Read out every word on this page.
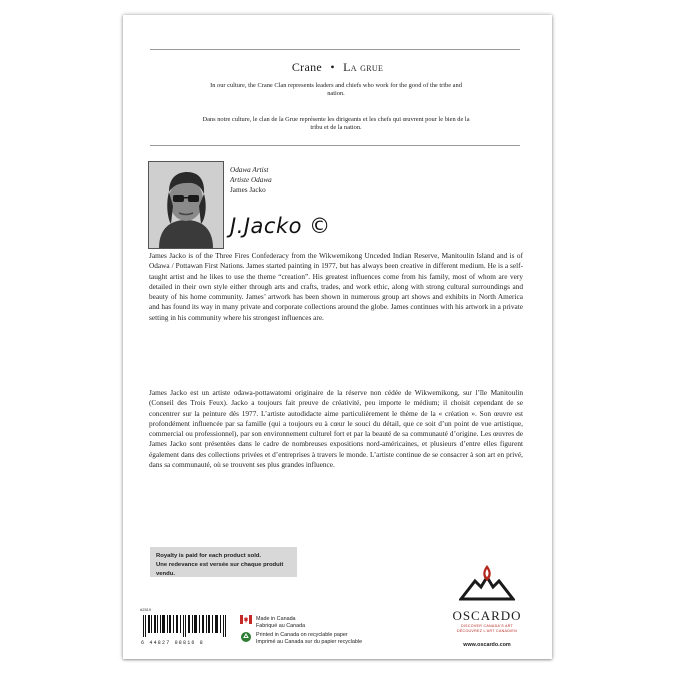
Crane • La grue
In our culture, the Crane Clan represents leaders and chiefs who work for the good of the tribe and nation.
Dans notre culture, le clan de la Grue représente les dirigeants et les chefs qui œuvrent pour le bien de la tribu et de la nation.
Odawa Artist
Artiste Odawa
James Jacko
J.Jacko ©
James Jacko is of the Three Fires Confederacy from the Wikwemikong Unceded Indian Reserve, Manitoulin Island and is of Odawa / Pottawan First Nations. James started painting in 1977, but has always been creative in different medium. He is a self-taught artist and he likes to use the theme “creation”. His greatest influences come from his family, most of whom are very detailed in their own style either through arts and crafts, trades, and work ethic, along with strong cultural surroundings and beauty of his home community. James’ artwork has been shown in numerous group art shows and exhibits in North America and has found its way in many private and corporate collections around the globe. James continues with his artwork in a private setting in his community where his strongest influences are.
James Jacko est un artiste odawa-pottawatomi originaire de la réserve non cédée de Wikwemikong, sur l’île Manitoulin (Conseil des Trois Feux). Jacko a toujours fait preuve de créativité, peu importe le médium; il choisit cependant de se concentrer sur la peinture dès 1977. L’artiste autodidacte aime particulièrement le thème de la « création ». Son œuvre est profondément influencée par sa famille (qui a toujours eu à cœur le souci du détail, que ce soit d’un point de vue artistique, commercial ou professionnel), par son environnement culturel fort et par la beauté de sa communauté d’origine. Les œuvres de James Jacko sont présentées dans le cadre de nombreuses expositions nord-américaines, et plusieurs d’entre elles figurent également dans des collections privées et d’entreprises à travers le monde. L’artiste continue de se consacrer à son art en privé, dans sa communauté, où se trouvent ses plus grandes influence.
Royalty is paid for each product sold.
Une redevance est versée sur chaque produit vendu.
#2519
6 44827 08816 8
Made in Canada
Fabriqué au Canada
Printed in Canada on recyclable paper
Imprimé au Canada sur du papier recyclable
OSCARDO
DISCOVER CANADA'S ART
DÉCOUVREZ L'ART CANADIEN
www.oscardo.com
